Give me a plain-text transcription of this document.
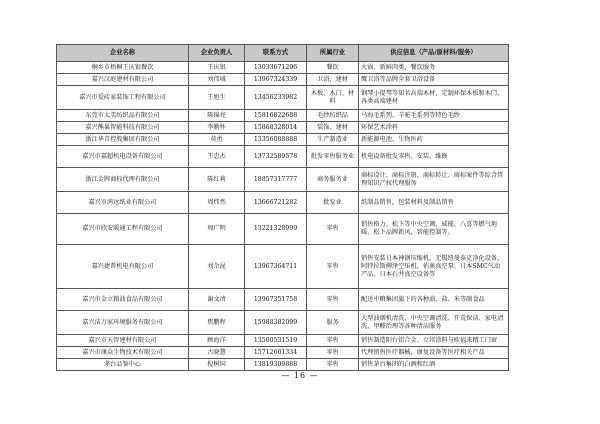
企业名称	企业负责人	联系方式	所属行业	供应信息（产品/原材料/服务）
桐乡市梧桐王庆银餐饮	王庆银	13033671296	餐饮	火锅、新鲜肉类、餐饮服务
嘉兴汉庭建材有限公司	刘伟城	13967324339	卫浴、建材	鹰卫浴等品牌全套卫浴设备
嘉兴市爱砖家装饰工程有限公司	王旭生	13456233982	木板、木门、材料	钢琴小提琴等知名高端木材，定制环保木板和木门，各类高端建材
东莞市太美纺织品有限公司	陈锦亮	15816822688	毛纱纺织品	马海毛系列、羊驼毛系列等特色毛纱
嘉兴熊巢智能科技有限公司	李勤怀	15868328014	装饰、建材	环保艺术涂料
浙江华青控股集团有限公司	莫勇	13356088888	生产制造业	新能源电池、生物医药
嘉兴市嘉超机电设备有限公司	王忠杰	13732589578	批发零售服务业	机电设备批发零售、安装、维修
浙江金牌商标代理有限公司	陈红莉	18857317777	商务服务业	商标设计、商标注册、商标转让、商标案件等综合管理知识产权代理服务
嘉兴市鸿远纸业有限公司	周炜然	13666721282	批发业	纸制品销售，包装材料及制品销售
嘉兴市欣安暖通工程有限公司	周广明	13221328999	零售	销售格力、松下等中央空调、威能、八喜等燃气地暖、松下品牌新风、智能控制等。
嘉兴捷普机电有限公司	刘余昆	13967364711	零售	销售安装日本神钢压缩机、无锡纽曼泰克净化设备、阿特拉斯柳泽空压机、佑奥真空泵、日本SMC气动产品、日本石井真空设备等
嘉兴市金立粮油食品有限公司	谢文清	13967351758	零售	配送中粮集团旗下的各种油、盐、米等副食品
嘉兴洁万家环境服务有限公司	焦鹏程	15988382099	服务	大型油烟机清洗、中央空调清洗、开荒保洁、家电清洗、甲醛治理等各种清洁服务
嘉兴市天智建材有限公司	顾海洋	13500531519	零售	销售制造阳台铝合金、立邦涂料与欧福来精工门窗
嘉兴市康众生物技术有限公司	古晓慧	15712601334	零售	代理销售医疗器械，康复设备等医疗相关产品
茅台品鉴中心	倪树国	13819309888	零售	销售茅台集团的白酒和红酒
— 16 —
